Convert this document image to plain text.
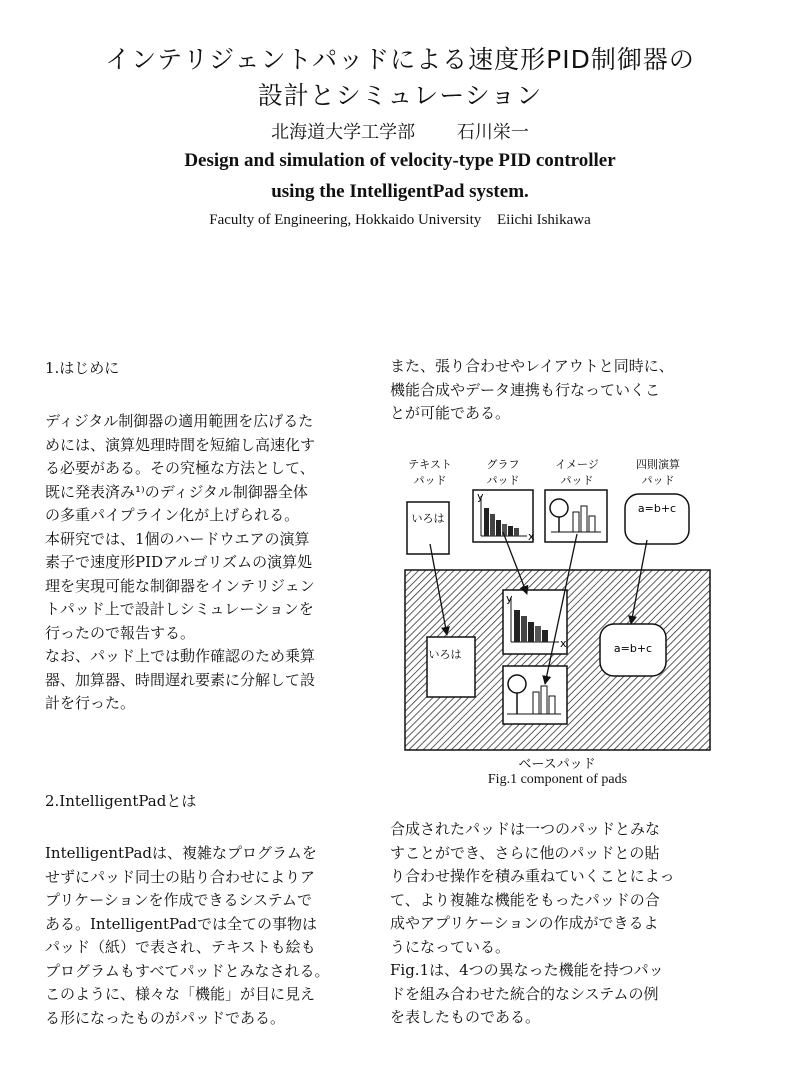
インテリジェントパッドによる速度形PID制御器の
設計とシミュレーション
北海道大学工学部 石川栄一
Design and simulation of velocity-type PID controller
using the IntelligentPad system.
Faculty of Engineering, Hokkaido University Eiichi Ishikawa
1.はじめに

ディジタル制御器の適用範囲を広げるた

めには、演算処理時間を短縮し高速化す

る必要がある。その究極な方法として、

既に発表済み¹⁾のディジタル制御器全体

の多重パイプライン化が上げられる。

本研究では、1個のハードウエアの演算

素子で速度形PIDアルゴリズムの演算処

理を実現可能な制御器をインテリジェン

トパッド上で設計しシミュレーションを

行ったので報告する。

なお、パッド上では動作確認のため乗算

器、加算器、時間遅れ要素に分解して設

計を行った。

2.IntelligentPadとは

IntelligentPadは、複雑なプログラムを

せずにパッド同士の貼り合わせによりア

プリケーションを作成できるシステムで

ある。IntelligentPadでは全ての事物は

パッド（紙）で表され、テキストも絵も

プログラムもすべてパッドとみなされる。

このように、様々な「機能」が目に見え

る形になったものがパッドである。

また、張り合わせやレイアウトと同時に、

機能合成やデータ連携も行なっていくこ

とが可能である。

テキスト
パッド
グラフ
パッド
イメージ
パッド
四則演算
パッド
いろは
y
x
a=b+c
いろは
y
x	a=b+c
ベースパッド
Fig.1 component of pads

合成されたパッドは一つのパッドとみな

すことができ、さらに他のパッドとの貼

り合わせ操作を積み重ねていくことによっ

て、より複雑な機能をもったパッドの合

成やアプリケーションの作成ができるよ

うになっている。

Fig.1は、4つの異なった機能を持つパッ

ドを組み合わせた統合的なシステムの例

を表したものである。
